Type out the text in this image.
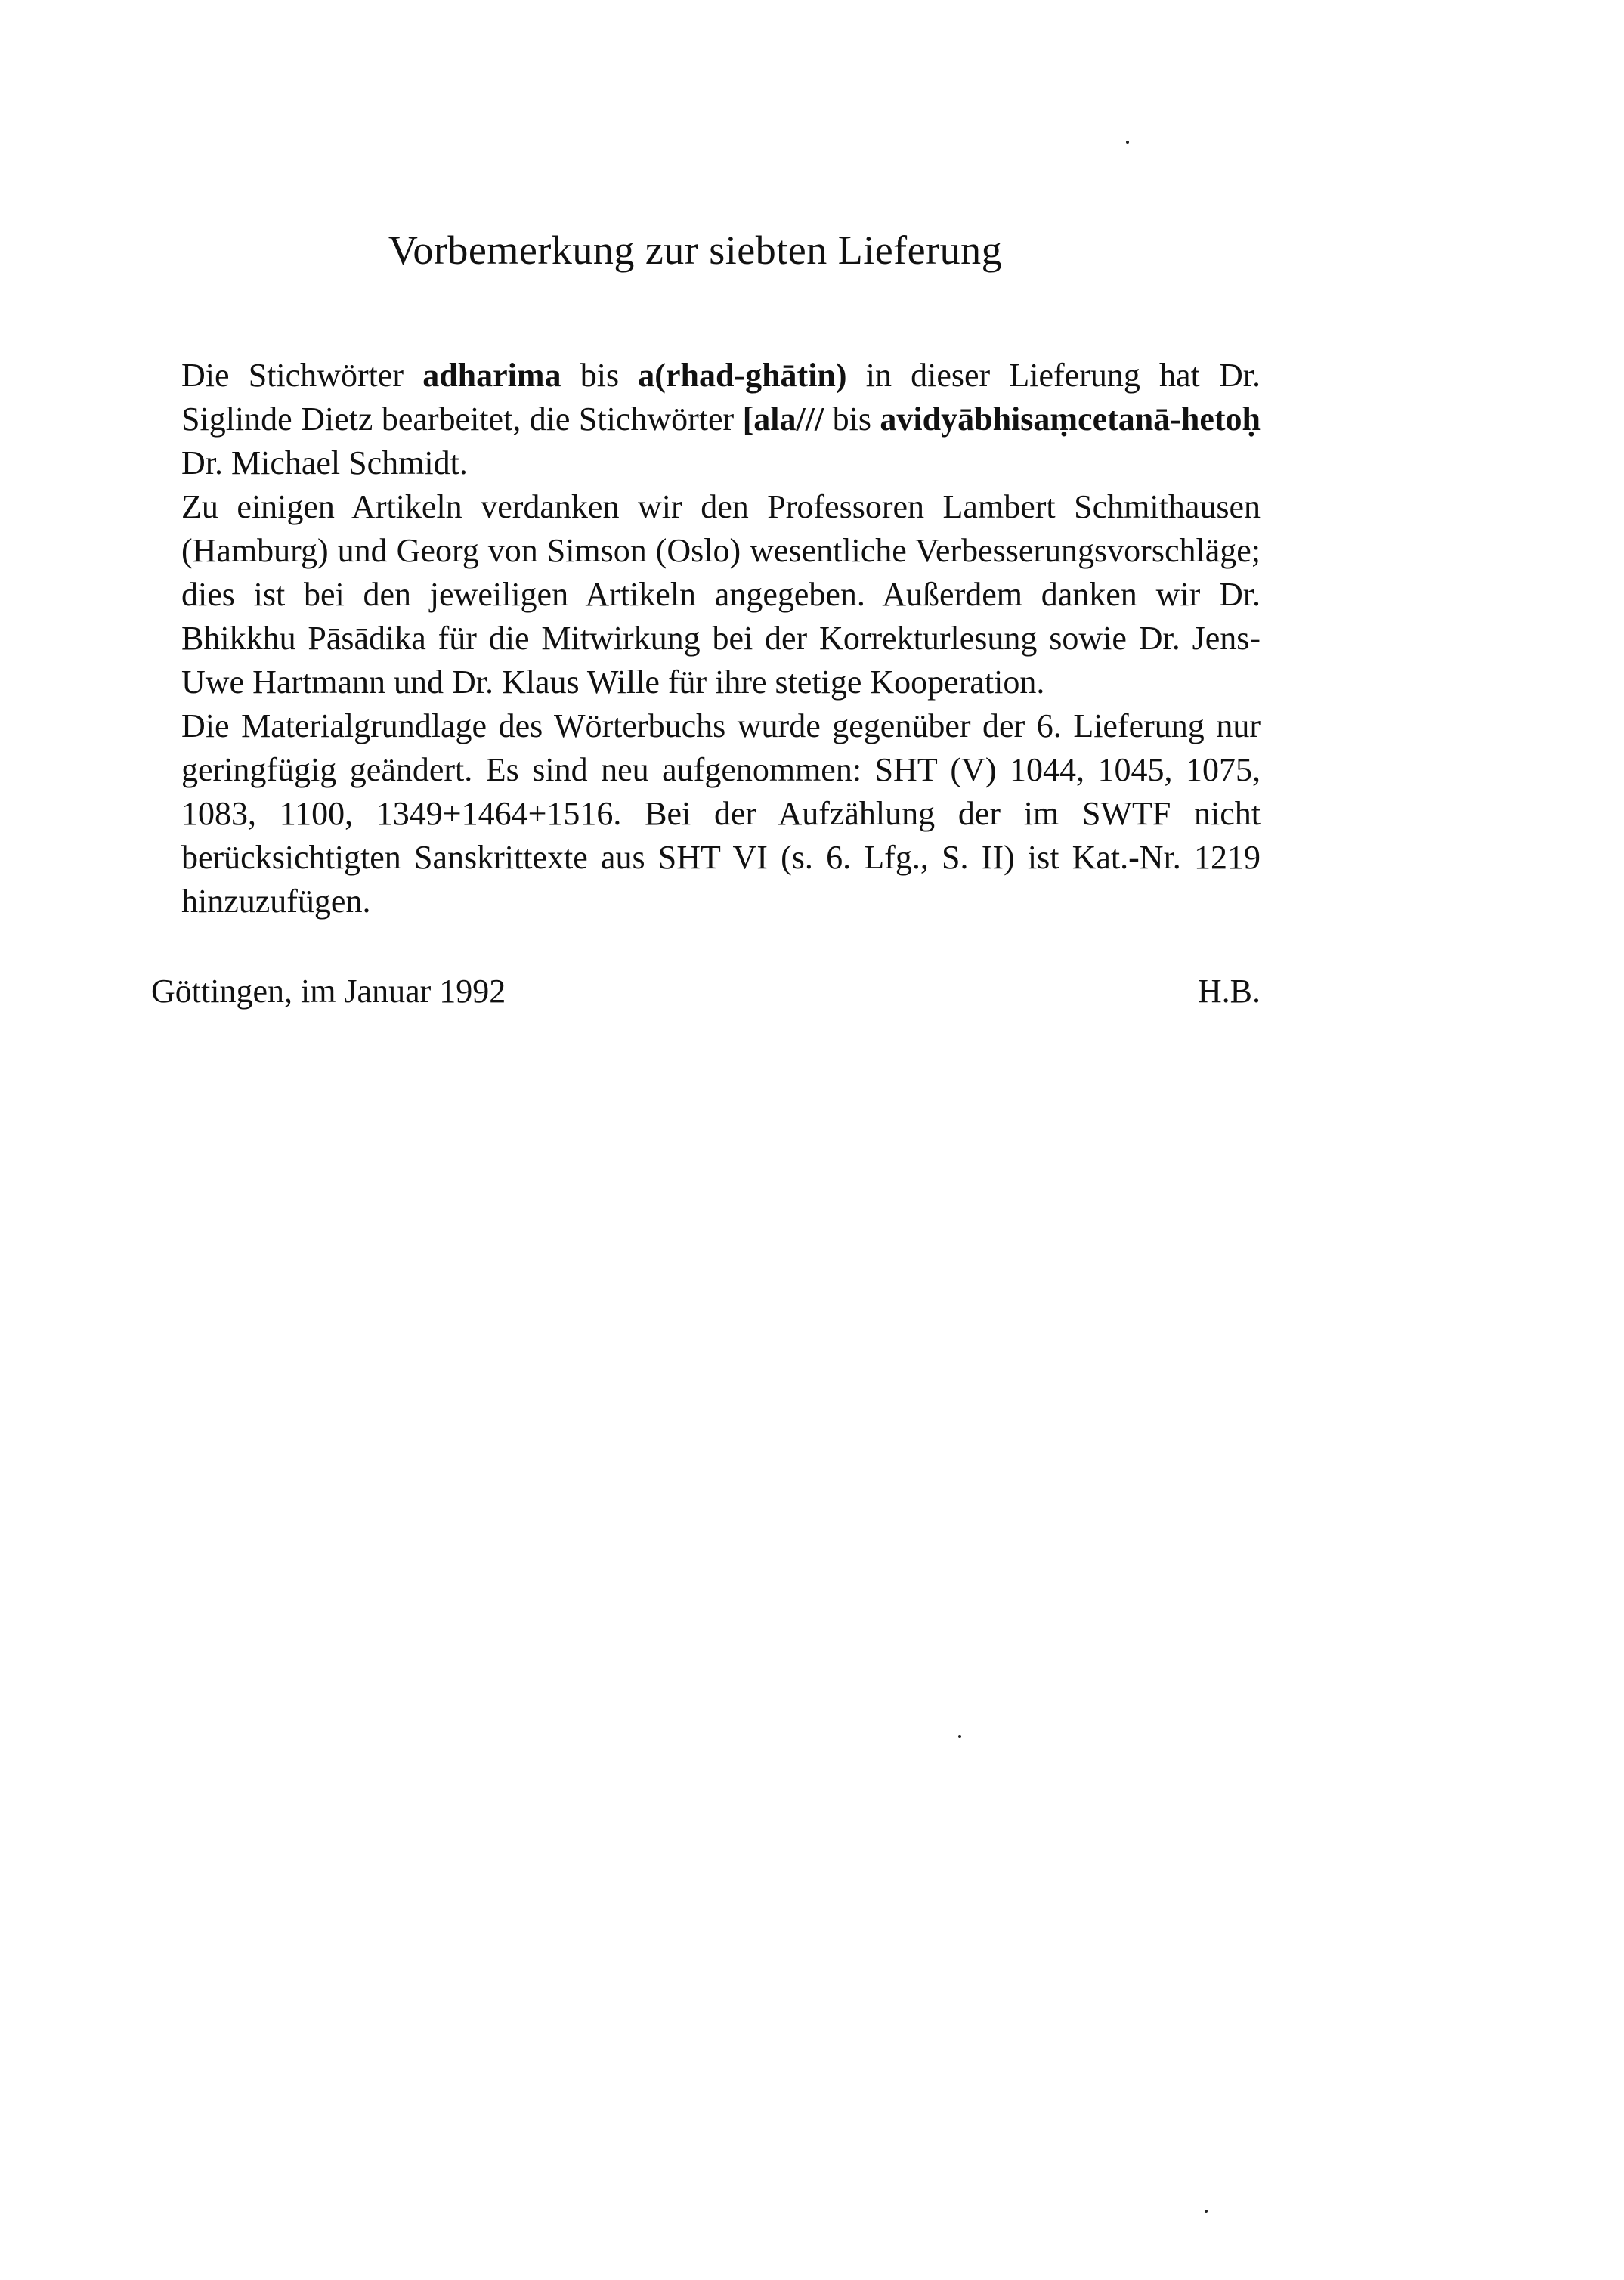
Vorbemerkung zur siebten Lieferung

Die Stichwörter adharima bis a(rhad-ghātin) in dieser Lieferung hat Dr. Siglinde Dietz bearbeitet, die Stichwörter [ala/// bis avidyābhisaṃcetanā-hetoḥ Dr. Michael Schmidt.

Zu einigen Artikeln verdanken wir den Professoren Lambert Schmithausen (Hamburg) und Georg von Simson (Oslo) wesentliche Verbesserungsvorschläge; dies ist bei den jeweiligen Artikeln angegeben. Außerdem danken wir Dr. Bhikkhu Pāsādika für die Mitwirkung bei der Korrekturlesung sowie Dr. Jens-Uwe Hartmann und Dr. Klaus Wille für ihre stetige Kooperation.

Die Materialgrundlage des Wörterbuchs wurde gegenüber der 6. Lieferung nur geringfügig geändert. Es sind neu aufgenommen: SHT (V) 1044, 1045, 1075, 1083, 1100, 1349+1464+1516. Bei der Aufzählung der im SWTF nicht berücksichtigten Sanskrittexte aus SHT VI (s. 6. Lfg., S. II) ist Kat.-Nr. 1219 hinzuzufügen.

Göttingen, im Januar 1992	H.B.
